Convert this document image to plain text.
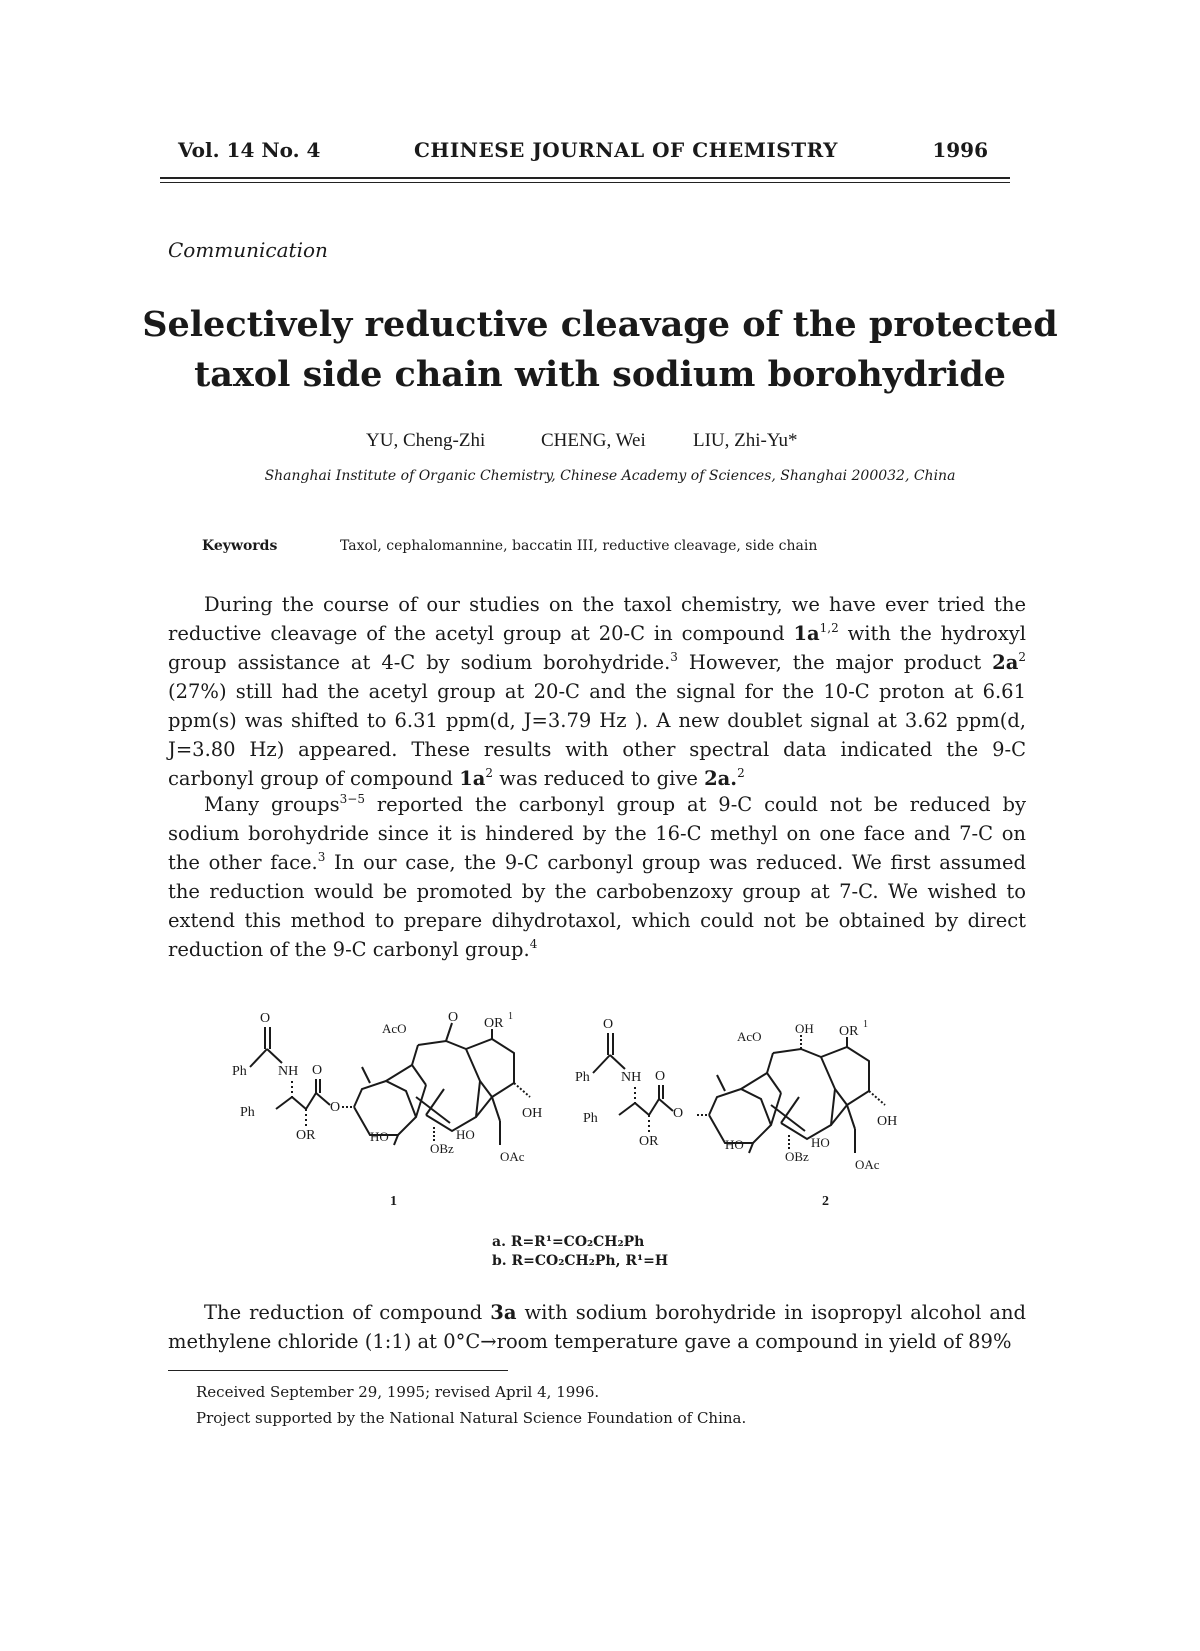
Vol. 14 No. 4	CHINESE JOURNAL OF CHEMISTRY	1996
Communication
Selectively reductive cleavage of the protected
taxol side chain with sodium borohydride
YU, Cheng-Zhi	CHENG, Wei LIU, Zhi-Yu*
Shanghai Institute of Organic Chemistry, Chinese Academy of Sciences, Shanghai 200032, China
Keywords	Taxol, cephalomannine, baccatin III, reductive cleavage, side chain

During the course of our studies on the taxol chemistry, we have ever tried the reductive cleavage of the acetyl group at 20-C in compound $1a^{1,2}$ with the hydroxyl group assistance at 4-C by sodium borohydride.$^3$ However, the major product $2a^2$ (27%) still had the acetyl group at 20-C and the signal for the 10-C proton at 6.61 ppm(s) was shifted to 6.31 ppm(d, J=3.79 Hz ). A new doublet signal at 3.62 ppm(d, J=3.80 Hz) appeared. These results with other spectral data indicated the 9-C carbonyl group of compound $1a^2$ was reduced to give 2a.$^2$

Many groups$^{3-5}$ reported the carbonyl group at 9-C could not be reduced by sodium borohydride since it is hindered by the 16-C methyl on one face and 7-C on the other face.$^3$ In our case, the 9-C carbonyl group was reduced. We first assumed the reduction would be promoted by the carbobenzoxy group at 7-C. We wished to extend this method to prepare dihydrotaxol, which could not be obtained by direct reduction of the 9-C carbonyl group.$^4$

O
Ph NH O
Ph
OR
O
AcO
O OR 1
OH
OAc
HO
OBz
HO
1
O
Ph NH O
Ph
OR
O
AcO
OH OR 1
OH
OAc
HO
OBz
HO
2
a. R=R¹=CO₂CH₂Ph
b. R=CO₂CH₂Ph, R¹=H

The reduction of compound 3a with sodium borohydride in isopropyl alcohol and methylene chloride (1:1) at 0°C→room temperature gave a compound in yield of 89%

Received September 29, 1995; revised April 4, 1996.
Project supported by the National Natural Science Foundation of China.
